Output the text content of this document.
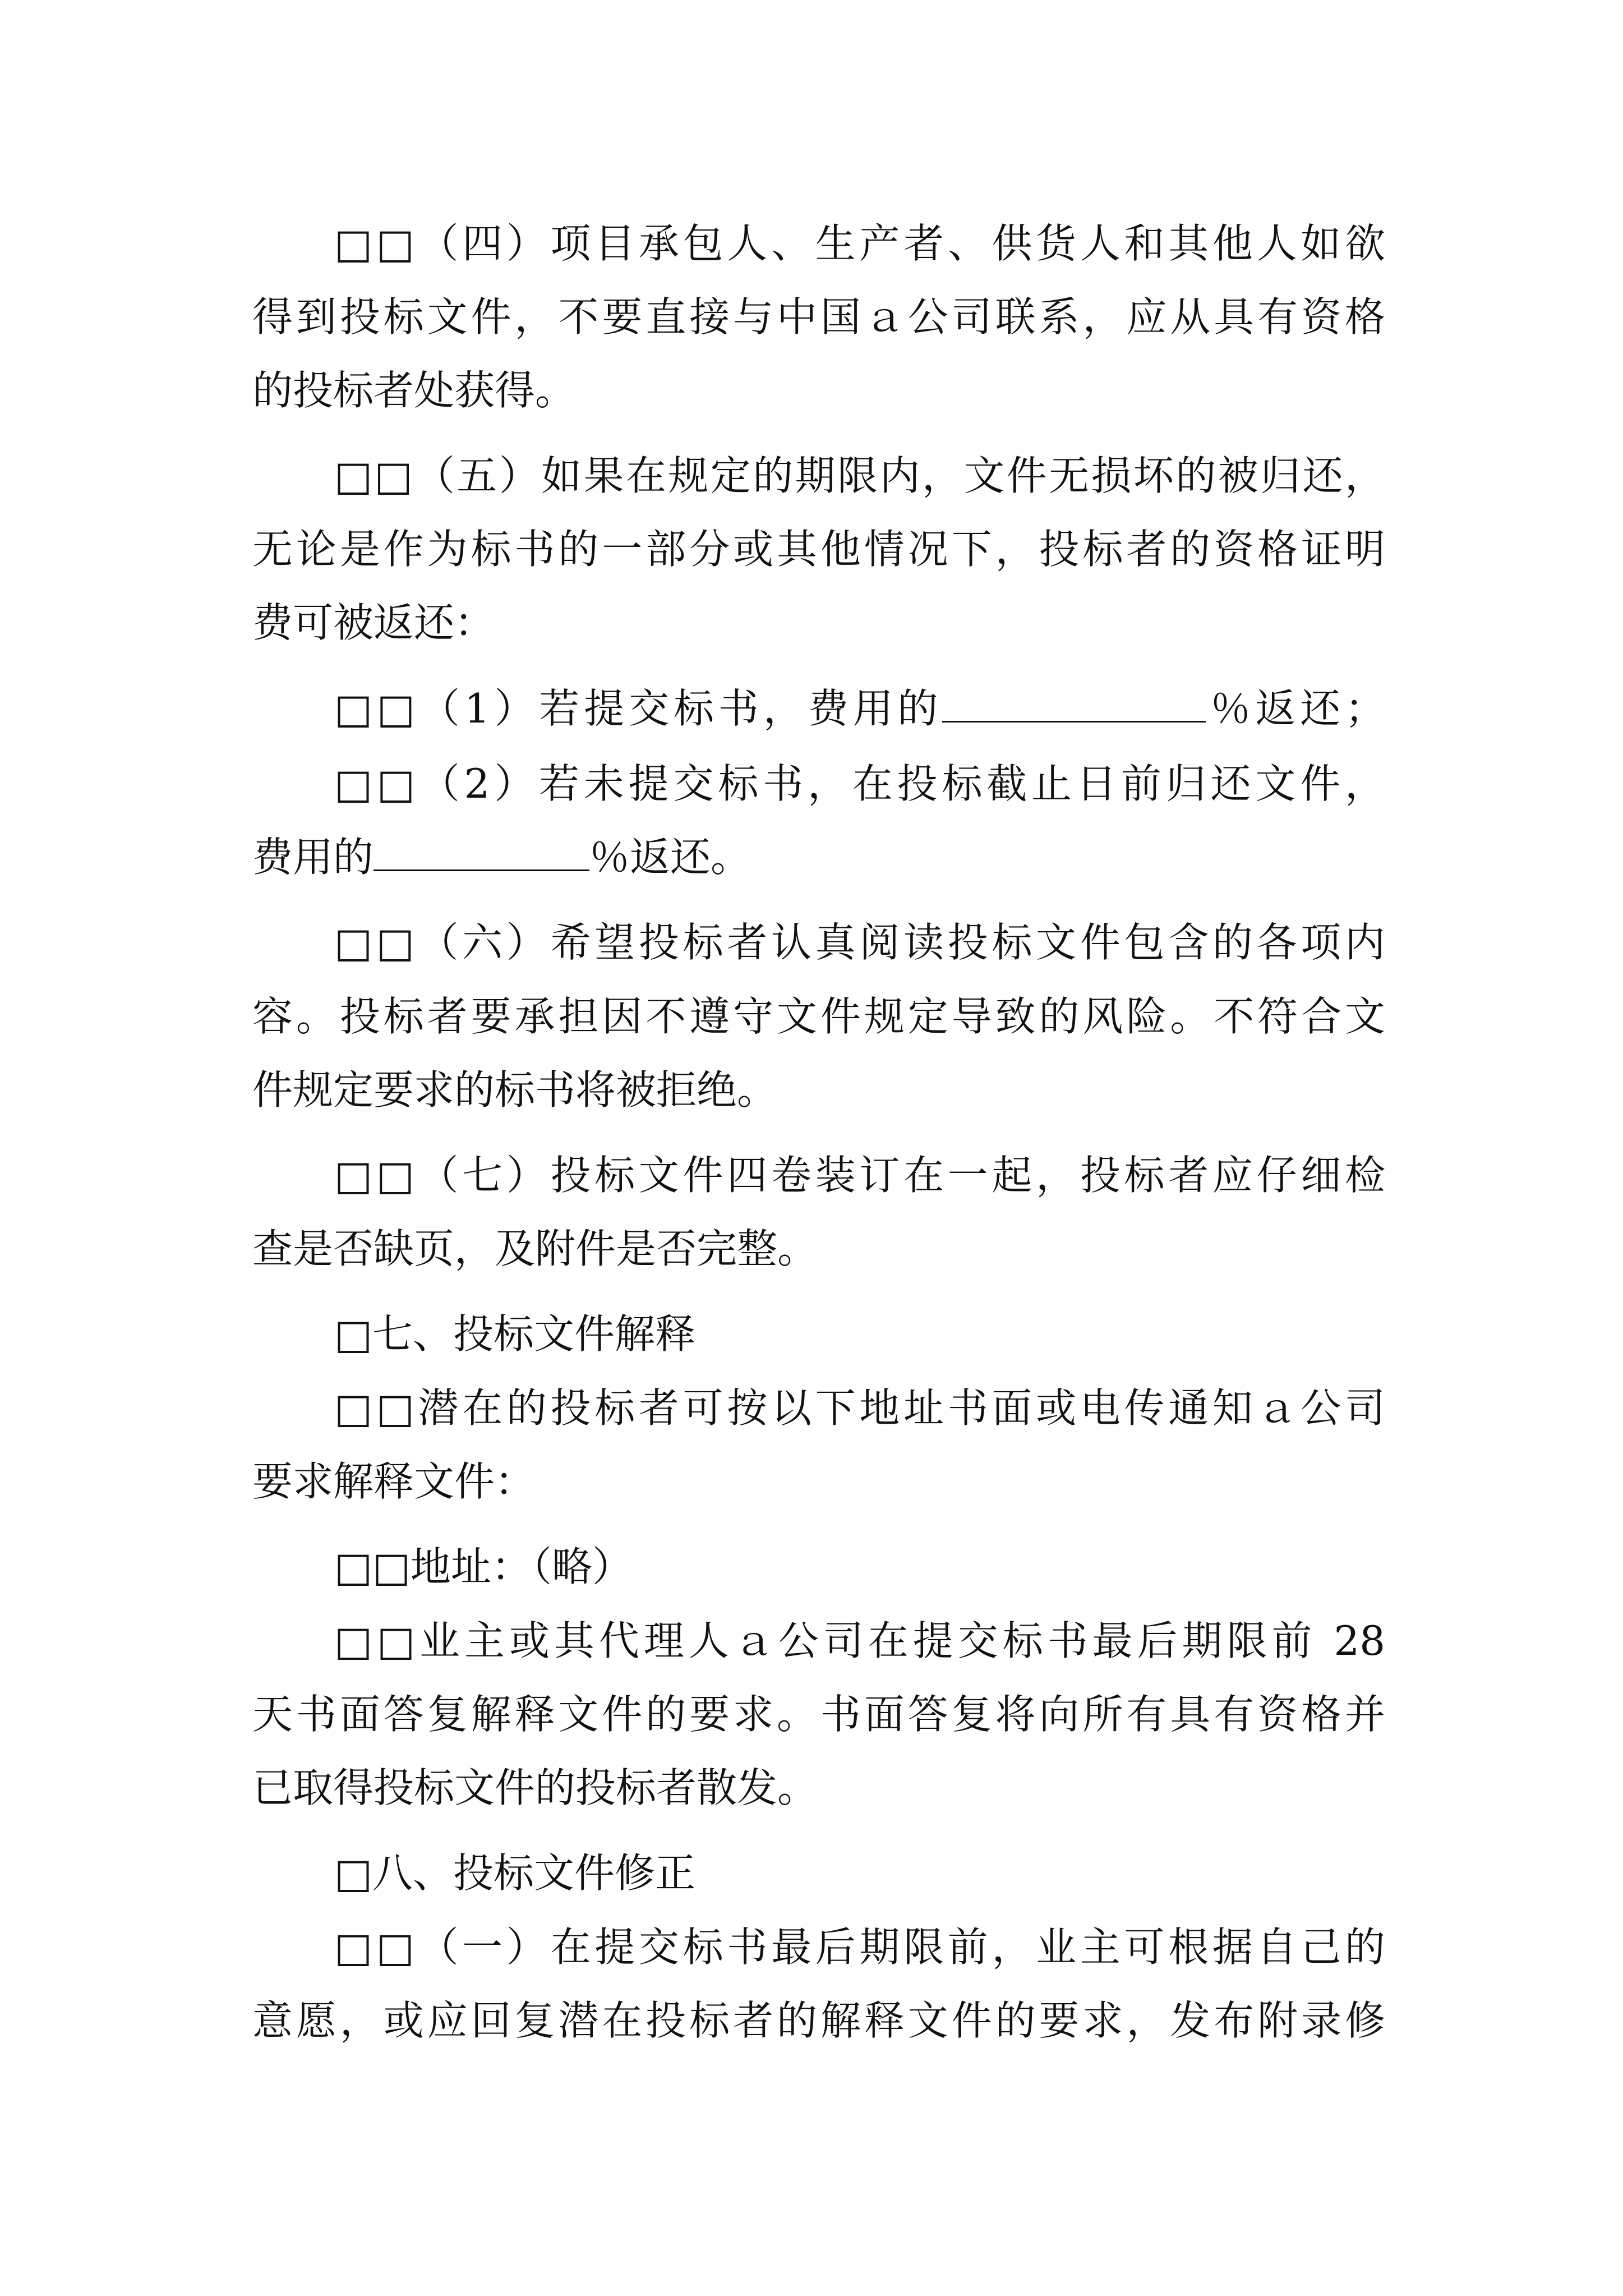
□□（四）项目承包人、生产者、供货人和其他人如欲
得到投标文件，不要直接与中国ａ公司联系，应从具有资格
的投标者处获得。
□□（五）如果在规定的期限内，文件无损坏的被归还，
无论是作为标书的一部分或其他情况下，投标者的资格证明
费可被返还：
□□（1）若提交标书，费用的	％返还；
□□（2）若未提交标书，在投标截止日前归还文件，
费用的	％返还。
□□（六）希望投标者认真阅读投标文件包含的各项内
容。投标者要承担因不遵守文件规定导致的风险。不符合文
件规定要求的标书将被拒绝。
□□（七）投标文件四卷装订在一起，投标者应仔细检
查是否缺页，及附件是否完整。
□七、投标文件解释
□□潜在的投标者可按以下地址书面或电传通知ａ公司
要求解释文件：
□□地址：（略）
□□业主或其代理人ａ公司在提交标书最后期限前 28
天书面答复解释文件的要求。书面答复将向所有具有资格并
已取得投标文件的投标者散发。
□八、投标文件修正
□□（一）在提交标书最后期限前，业主可根据自己的
意愿，或应回复潜在投标者的解释文件的要求，发布附录修
